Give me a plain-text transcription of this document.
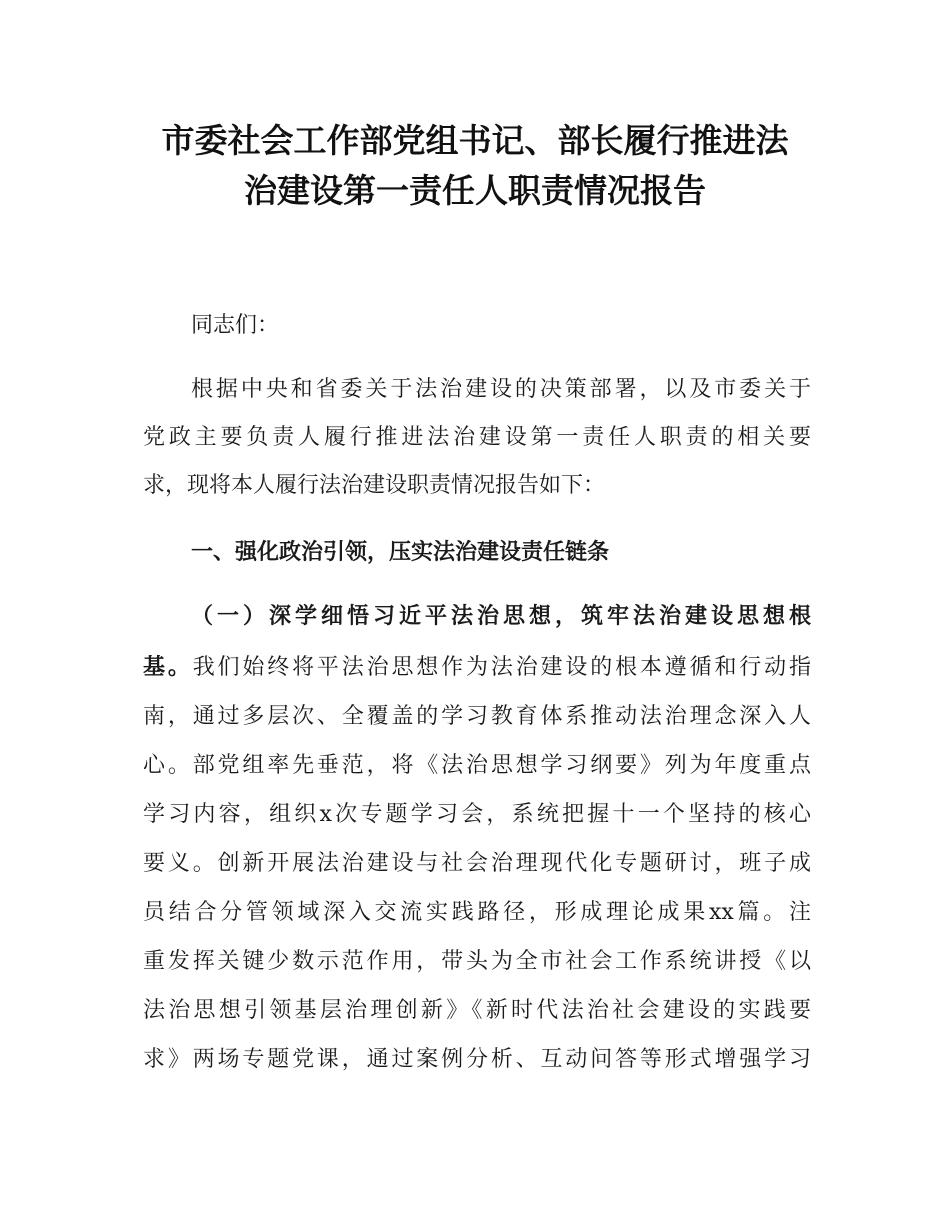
市委社会工作部党组书记、部长履行推进法
治建设第一责任人职责情况报告
同志们：
根据中央和省委关于法治建设的决策部署，以及市委关于
党政主要负责人履行推进法治建设第一责任人职责的相关要
求，现将本人履行法治建设职责情况报告如下：
一、强化政治引领，压实法治建设责任链条
（一）深学细悟习近平法治思想，筑牢法治建设思想根
基。我们始终将平法治思想作为法治建设的根本遵循和行动指
南，通过多层次、全覆盖的学习教育体系推动法治理念深入人
心。部党组率先垂范，将《法治思想学习纲要》列为年度重点
学习内容，组织x次专题学习会，系统把握十一个坚持的核心
要义。创新开展法治建设与社会治理现代化专题研讨，班子成
员结合分管领域深入交流实践路径，形成理论成果xx篇。注
重发挥关键少数示范作用，带头为全市社会工作系统讲授《以
法治思想引领基层治理创新》《新时代法治社会建设的实践要
求》两场专题党课，通过案例分析、互动问答等形式增强学习
